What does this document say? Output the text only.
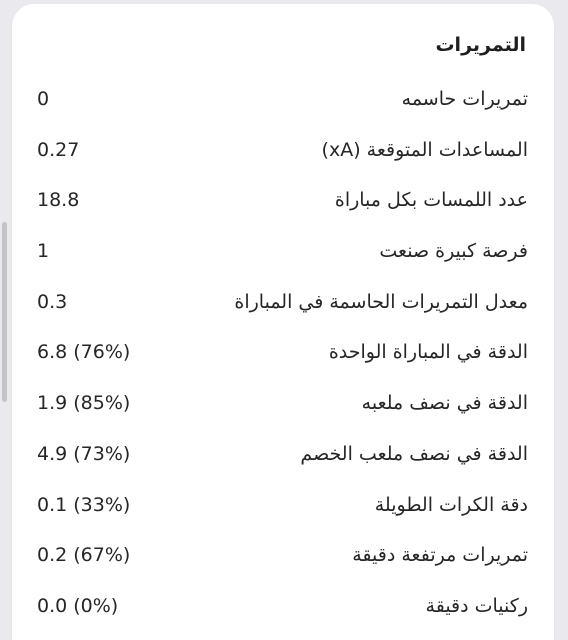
التمريرات
تمريرات حاسمه
0
المساعدات المتوقعة (xA)
0.27
عدد اللمسات بكل مباراة
18.8
فرصة كبيرة صنعت
1
معدل التمريرات الحاسمة في المباراة
0.3
الدقة في المباراة الواحدة
6.8 (76%)
الدقة في نصف ملعبه
1.9 (85%)
الدقة في نصف ملعب الخصم
4.9 (73%)
دقة الكرات الطويلة
0.1 (33%)
تمريرات مرتفعة دقيقة
0.2 (67%)
ركنيات دقيقة
0.0 (0%)
